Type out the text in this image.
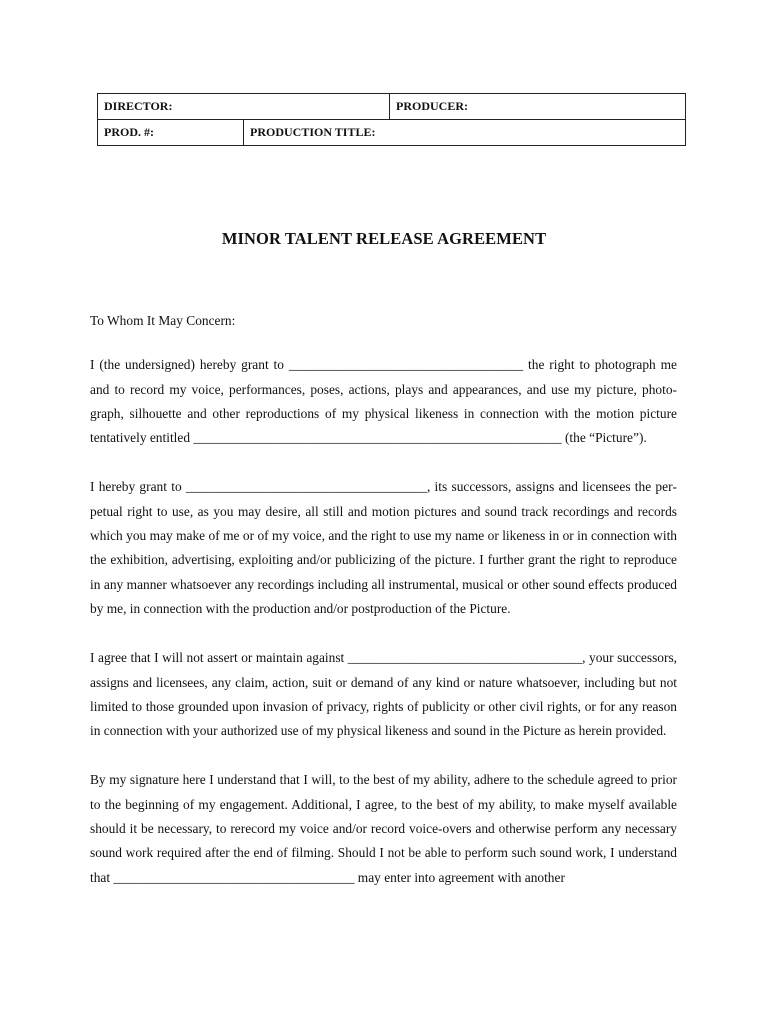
DIRECTOR:		PRODUCER:
PROD. #:	PRODUCTION TITLE:	
MINOR TALENT RELEASE AGREEMENT

To Whom It May Concern:

I (the undersigned) hereby grant to ___________________________________ the right to photograph me and to record my voice, performances, poses, actions, plays and appearances, and use my picture, photograph, silhouette and other reproductions of my physical likeness in connection with the motion picture tentatively entitled _______________________________________________________ (the “Picture”).

I hereby grant to ____________________________________, its successors, assigns and licensees the perpetual right to use, as you may desire, all still and motion pictures and sound track recordings and records which you may make of me or of my voice, and the right to use my name or likeness in or in connection with the exhibition, advertising, exploiting and/or publicizing of the picture. I further grant the right to reproduce in any manner whatsoever any recordings including all instrumental, musical or other sound effects produced by me, in connection with the production and/or postproduction of the Picture.

I agree that I will not assert or maintain against ___________________________________, your successors, assigns and licensees, any claim, action, suit or demand of any kind or nature whatsoever, including but not limited to those grounded upon invasion of privacy, rights of publicity or other civil rights, or for any reason in connection with your authorized use of my physical likeness and sound in the Picture as herein provided.

By my signature here I understand that I will, to the best of my ability, adhere to the schedule agreed to prior to the beginning of my engagement. Additional, I agree, to the best of my ability, to make myself available should it be necessary, to rerecord my voice and/or record voice-overs and otherwise perform any necessary sound work required after the end of filming. Should I not be able to perform such sound work, I understand that ____________________________________ may enter into agreement with another
